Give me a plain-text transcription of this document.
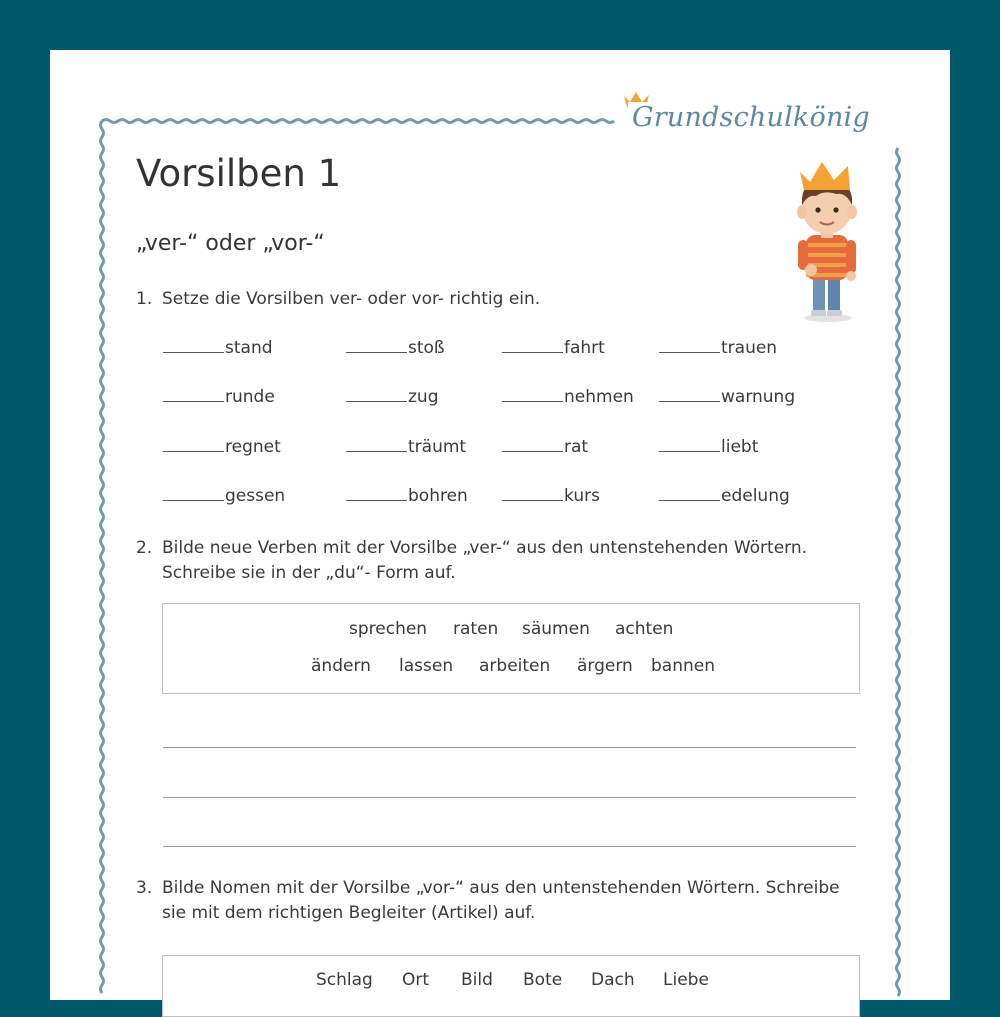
Grundschulkönig
Vorsilben 1
„ver-“ oder „vor-“
1. Setze die Vorsilben ver- oder vor- richtig ein.
stand	stoß	fahrt	trauen
runde	zug	nehmen	warnung
regnet	träumt	rat	liebt
gessen	bohren	kurs	edelung
2. Bilde neue Verben mit der Vorsilbe „ver-“ aus den untenstehenden Wörtern.
Schreibe sie in der „du“- Form auf.
sprechen raten säumen achten
ändern lassen arbeiten ärgern bannen
3. Bilde Nomen mit der Vorsilbe „vor-“ aus den untenstehenden Wörtern. Schreibe
sie mit dem richtigen Begleiter (Artikel) auf.
Schlag Ort Bild Bote Dach Liebe
